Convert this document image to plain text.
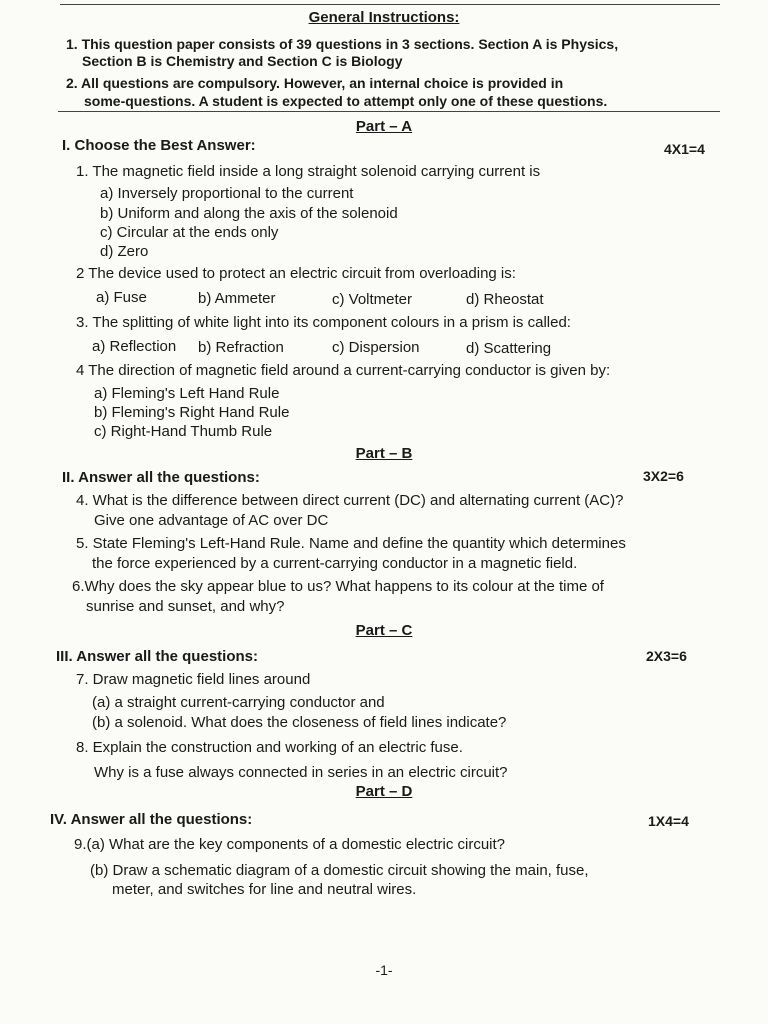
General Instructions:
1. This question paper consists of 39 questions in 3 sections. Section A is Physics,
Section B is Chemistry and Section C is Biology
2. All questions are compulsory. However, an internal choice is provided in
some-questions. A student is expected to attempt only one of these questions.
Part – A
I. Choose the Best Answer:	4X1=4
1. The magnetic field inside a long straight solenoid carrying current is
a) Inversely proportional to the current
b) Uniform and along the axis of the solenoid
c) Circular at the ends only
d) Zero
2 The device used to protect an electric circuit from overloading is:
a) Fuse	b) Ammeter	c) Voltmeter	d) Rheostat
3. The splitting of white light into its component colours in a prism is called:
a) Reflection b) Refraction	c) Dispersion	d) Scattering
4 The direction of magnetic field around a current-carrying conductor is given by:
a) Fleming's Left Hand Rule
b) Fleming's Right Hand Rule
c) Right-Hand Thumb Rule
Part – B
II. Answer all the questions:	3X2=6
4. What is the difference between direct current (DC) and alternating current (AC)?
Give one advantage of AC over DC
5. State Fleming's Left-Hand Rule. Name and define the quantity which determines
the force experienced by a current-carrying conductor in a magnetic field.
6.Why does the sky appear blue to us? What happens to its colour at the time of
sunrise and sunset, and why?
Part – C
III. Answer all the questions:	2X3=6
7. Draw magnetic field lines around
(a) a straight current-carrying conductor and
(b) a solenoid. What does the closeness of field lines indicate?
8. Explain the construction and working of an electric fuse.
Why is a fuse always connected in series in an electric circuit?
Part – D
IV. Answer all the questions:	1X4=4
9.(a) What are the key components of a domestic electric circuit?
(b) Draw a schematic diagram of a domestic circuit showing the main, fuse,
meter, and switches for line and neutral wires.
-1-
